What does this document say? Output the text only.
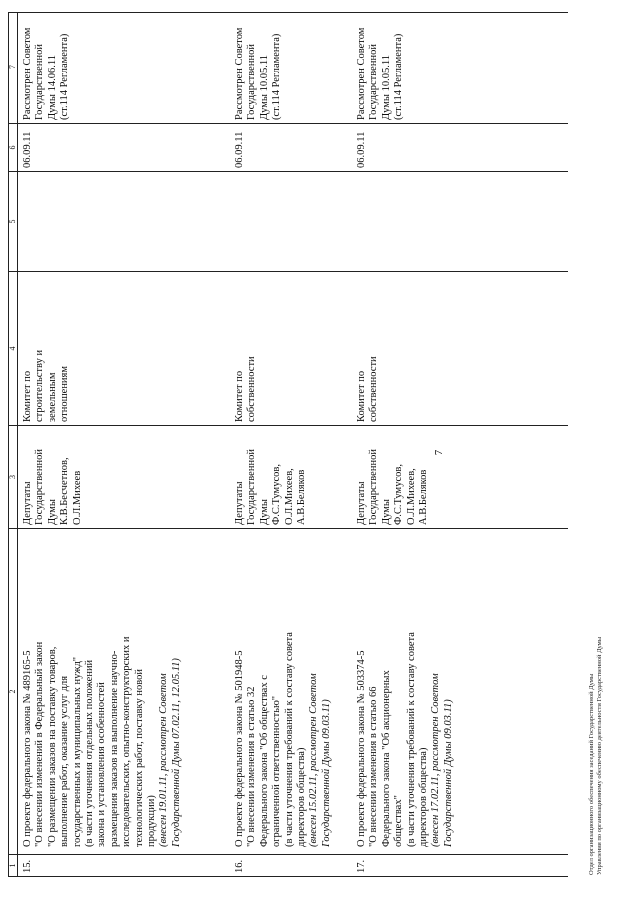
7
1
2
3
4
5
6
7
15.
О проекте федерального закона № 489165-5 "О внесении изменений в Федеральный закон "О размещении заказов на поставку товаров, выполнение работ, оказание услуг для государственных и муниципальных нужд" (в части уточнения отдельных положений закона и установления особенностей размещения заказов на выполнение научно- исследовательских, опытно-конструкторских и технологических работ, поставку новой продукции) (внесен 19.01.11, рассмотрен Советом Государственной Думы 07.02.11, 12.05.11)
Депутаты Государственной Думы К.В.Бесчетнов, О.Л.Михеев
Комитет по строительству и земельным отношениям
06.09.11
Рассмотрен Советом Государственной Думы 14.06.11 (ст.114 Регламента)
16.
О проекте федерального закона № 501948-5 "О внесении изменения в статью 32 Федерального закона "Об обществах с ограниченной ответственностью" (в части уточнения требований к составу совета директоров общества) (внесен 15.02.11, рассмотрен Советом Государственной Думы 09.03.11)
Депутаты Государственной Думы Ф.С.Тумусов, О.Л.Михеев, А.В.Беляков
Комитет по собственности
06.09.11
Рассмотрен Советом Государственной Думы 10.05.11 (ст.114 Регламента)
17.
О проекте федерального закона № 503374-5 "О внесении изменения в статью 66 Федерального закона "Об акционерных обществах" (в части уточнения требований к составу совета директоров общества) (внесен 17.02.11, рассмотрен Советом Государственной Думы 09.03.11)
Депутаты Государственной Думы Ф.С.Тумусов, О.Л.Михеев, А.В.Беляков
Комитет по собственности
06.09.11
Рассмотрен Советом Государственной Думы 10.05.11 (ст.114 Регламента)
Отдел организационного обеспечения заседаний Государственной Думы Управления по организационному обеспечению деятельности Государственной Думы
